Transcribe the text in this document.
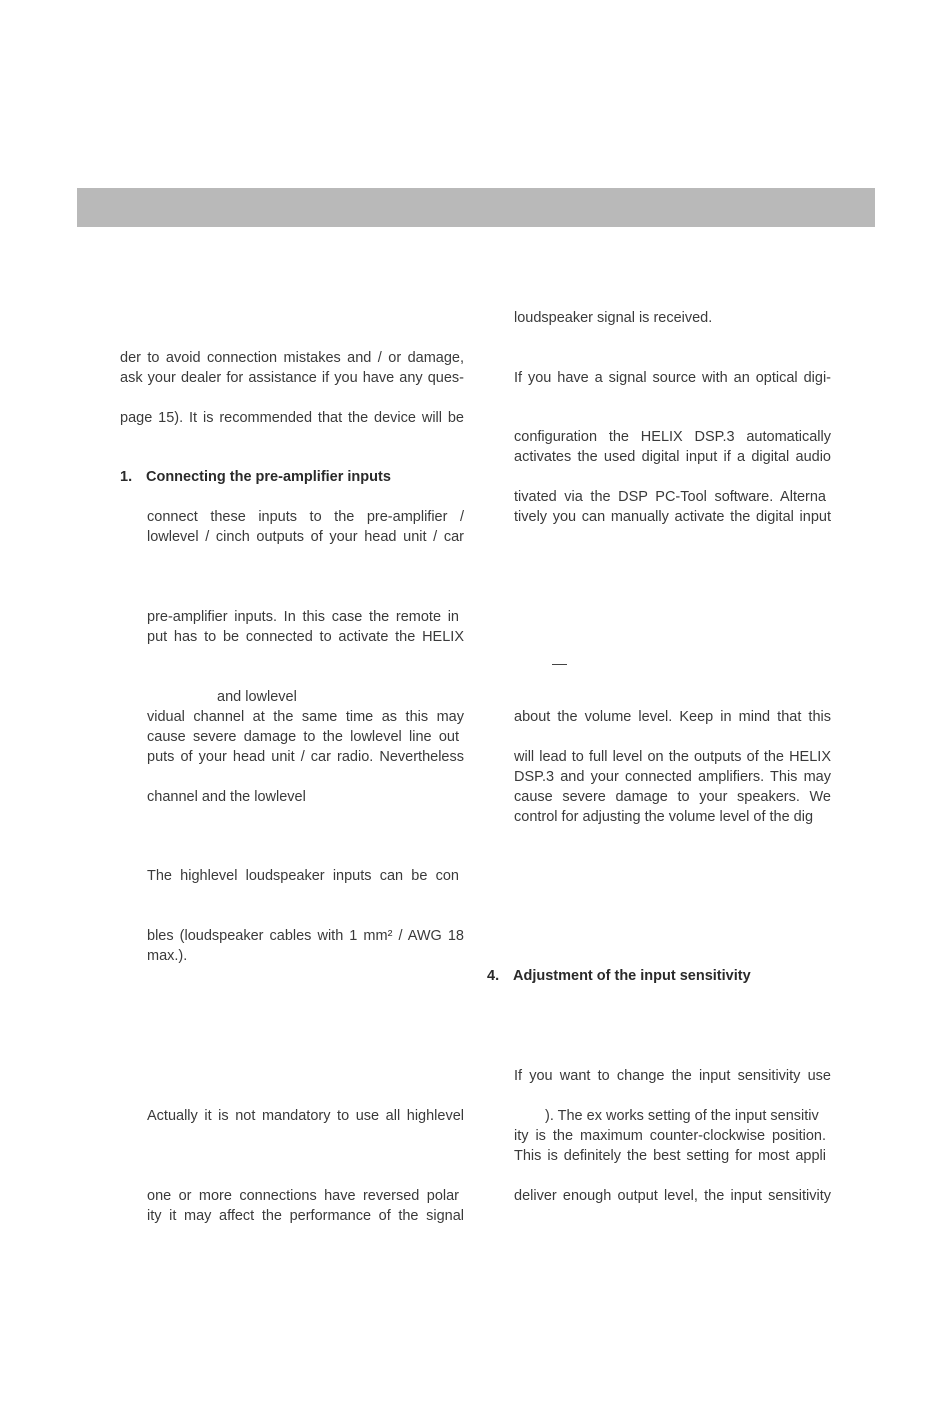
der to avoid connection mistakes and / or damage,
ask your dealer for assistance if you have any ques-
page 15). It is recommended that the device will be
1. Connecting the pre-amplifier inputs
connect these inputs to the pre-amplifier /
lowlevel / cinch outputs of your head unit / car
pre-amplifier inputs. In this case the remote in
put has to be connected to activate the HELIX
and lowlevel
vidual channel at the same time as this may
cause severe damage to the lowlevel line out
puts of your head unit / car radio. Nevertheless
channel and the lowlevel
The highlevel loudspeaker inputs can be con
bles (loudspeaker cables with 1 mm² / AWG 18
max.).
Actually it is not mandatory to use all highlevel
one or more connections have reversed polar
ity it may affect the performance of the signal
loudspeaker signal is received.
If you have a signal source with an optical digi-
configuration the HELIX DSP.3 automatically
activates the used digital input if a digital audio
tivated via the DSP PC-Tool software. Alterna
tively you can manually activate the digital input
about the volume level. Keep in mind that this
will lead to full level on the outputs of the HELIX
DSP.3 and your connected amplifiers. This may
cause severe damage to your speakers. We
control for adjusting the volume level of the dig
4. Adjustment of the input sensitivity
If you want to change the input sensitivity use
). The ex works setting of the input sensitiv
ity is the maximum counter-clockwise position.
This is definitely the best setting for most appli
deliver enough output level, the input sensitivity
